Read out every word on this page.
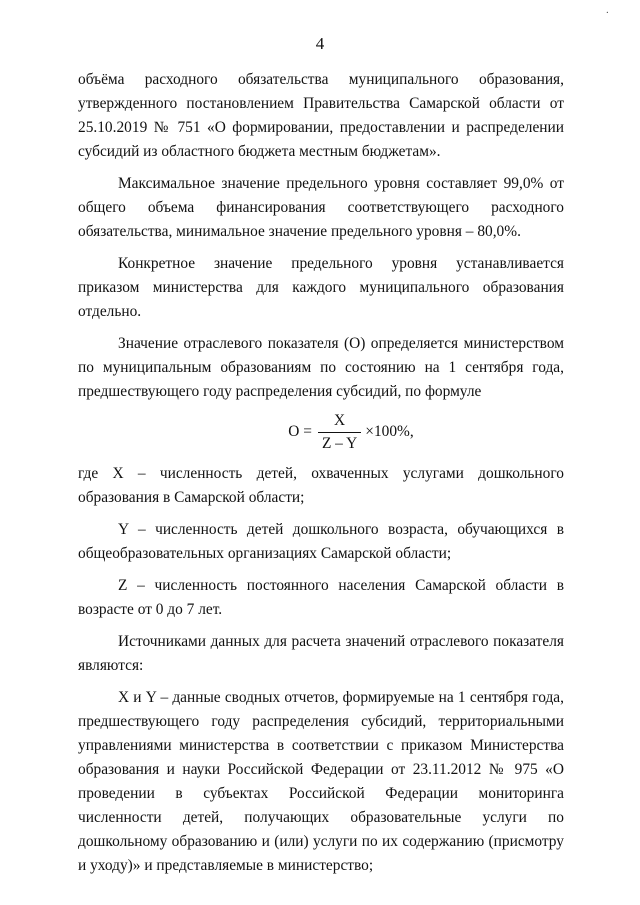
.
4

объёма расходного обязательства муниципального образования, утвержденного постановлением Правительства Самарской области от 25.10.2019 № 751 «О формировании, предоставлении и распределении субсидий из областного бюджета местным бюджетам».

Максимальное значение предельного уровня составляет 99,0% от общего объема финансирования соответствующего расходного обязательства, минимальное значение предельного уровня – 80,0%.

Конкретное значение предельного уровня устанавливается приказом министерства для каждого муниципального образования отдельно.

Значение отраслевого показателя (О) определяется министерством по муниципальным образованиям по состоянию на 1 сентября года, предшествующего году распределения субсидий, по формуле

$O = \frac{X}{Z - Y} \times 100\%$,

где X – численность детей, охваченных услугами дошкольного образования в Самарской области;

Y – численность детей дошкольного возраста, обучающихся в общеобразовательных организациях Самарской области;

Z – численность постоянного населения Самарской области в возрасте от 0 до 7 лет.

Источниками данных для расчета значений отраслевого показателя являются:

X и Y – данные сводных отчетов, формируемые на 1 сентября года, предшествующего году распределения субсидий, территориальными управлениями министерства в соответствии с приказом Министерства образования и науки Российской Федерации от 23.11.2012 № 975 «О проведении в субъектах Российской Федерации мониторинга численности детей, получающих образовательные услуги по дошкольному образованию и (или) услуги по их содержанию (присмотру и уходу)» и представляемые в министерство;
